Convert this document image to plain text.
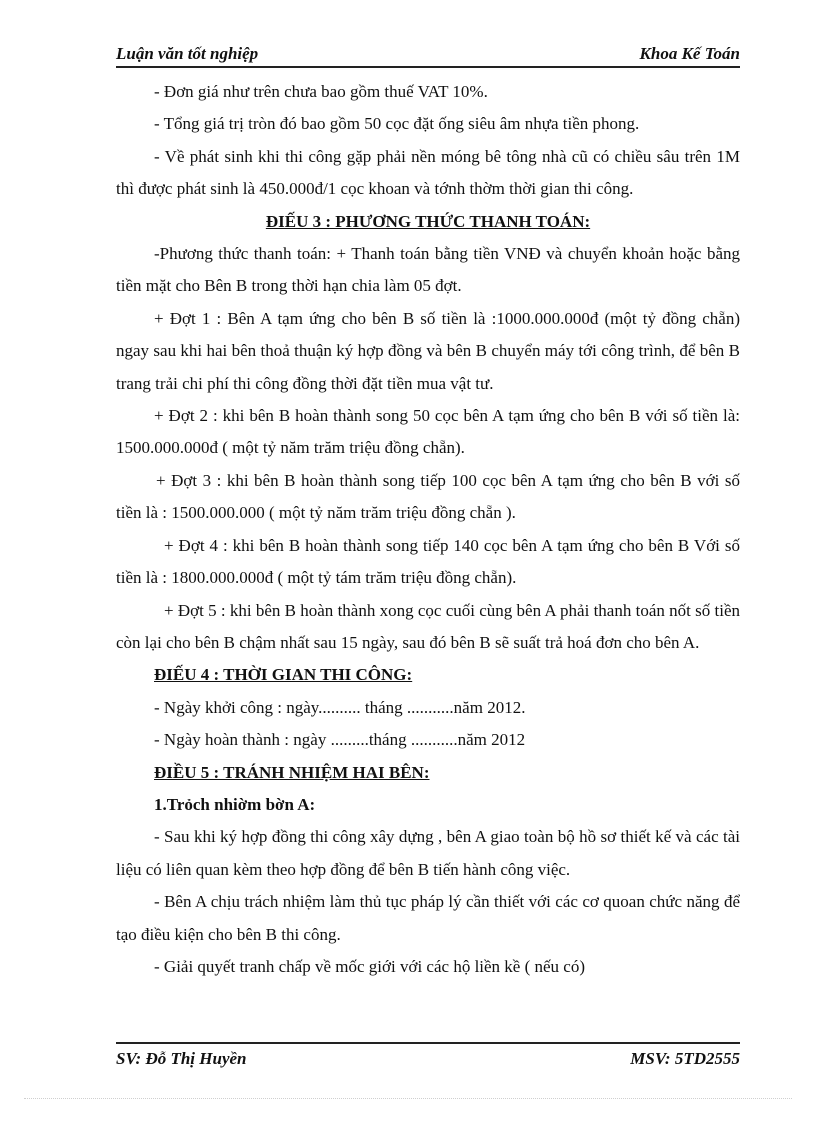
Luận văn tốt nghiệp	Khoa Kế Toán

- Đơn giá như trên chưa bao gồm thuế VAT 10%.

- Tổng giá trị tròn đó bao gồm 50 cọc đặt ống siêu âm nhựa tiền phong.

- Về phát sinh khi thi công gặp phải nền móng bê tông nhà cũ có chiều sâu trên 1M thì được phát sinh là 450.000đ/1 cọc khoan và tớnh thờm thời gian thi công.

ĐIẾU 3 : PHƯƠNG THỨC THANH TOÁN:

-Phương thức thanh toán: + Thanh toán bằng tiền VNĐ và chuyển khoản hoặc bằng tiền mặt cho Bên B trong thời hạn chia làm 05 đợt.

+ Đợt 1 : Bên A tạm ứng cho bên B số tiền là :1000.000.000đ (một tỷ đồng chẵn) ngay sau khi hai bên thoả thuận ký hợp đồng và bên B chuyển máy tới công trình, để bên B trang trải chi phí thi công đồng thời đặt tiền mua vật tư.

+ Đợt 2 : khi bên B hoàn thành song 50 cọc bên A tạm ứng cho bên B với số tiền là: 1500.000.000đ ( một tỷ năm trăm triệu đồng chẵn).

+ Đợt 3 : khi bên B hoàn thành song tiếp 100 cọc bên A tạm ứng cho bên B với số tiền là : 1500.000.000 ( một tỷ năm trăm triệu đồng chẵn ).

+ Đợt 4 : khi bên B hoàn thành song tiếp 140 cọc bên A tạm ứng cho bên B Với số tiền là : 1800.000.000đ ( một tỷ tám trăm triệu đồng chẵn).

+ Đợt 5 : khi bên B hoàn thành xong cọc cuối cùng bên A phải thanh toán nốt số tiền còn lại cho bên B chậm nhất sau 15 ngày, sau đó bên B sẽ suất trả hoá đơn cho bên A.

ĐIẾU 4 : THỜI GIAN THI CÔNG:

- Ngày khởi công : ngày.......... tháng ...........năm 2012.

- Ngày hoàn thành : ngày .........tháng ...........năm 2012

ĐIỀU 5 : TRÁNH NHIỆM HAI BÊN:

1.Trỏch nhiờm bờn A:

- Sau khi ký hợp đồng thi công xây dựng , bên A giao toàn bộ hồ sơ thiết kế và các tài liệu có liên quan kèm theo hợp đồng để bên B tiến hành công việc.

- Bên A chịu trách nhiệm làm thủ tục pháp lý cần thiết với các cơ quoan chức năng để tạo điều kiện cho bên B thi công.

- Giải quyết tranh chấp về mốc giới với các hộ liền kề ( nếu có)

SV: Đỗ Thị Huyền	MSV: 5TD2555
